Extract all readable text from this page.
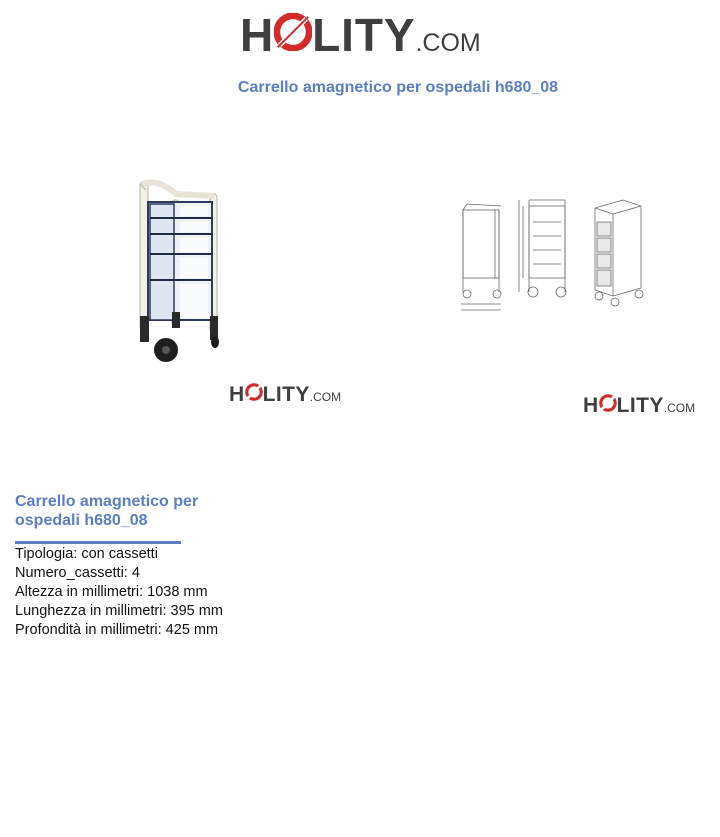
H LITY .COM
Carrello amagnetico per ospedali h680_08
H LITY .COM	H LITY .COM
Carrello amagnetico per ospedali h680_08
Tipologia: con cassetti
Numero_cassetti: 4
Altezza in millimetri: 1038 mm
Lunghezza in millimetri: 395 mm
Profondità in millimetri: 425 mm
